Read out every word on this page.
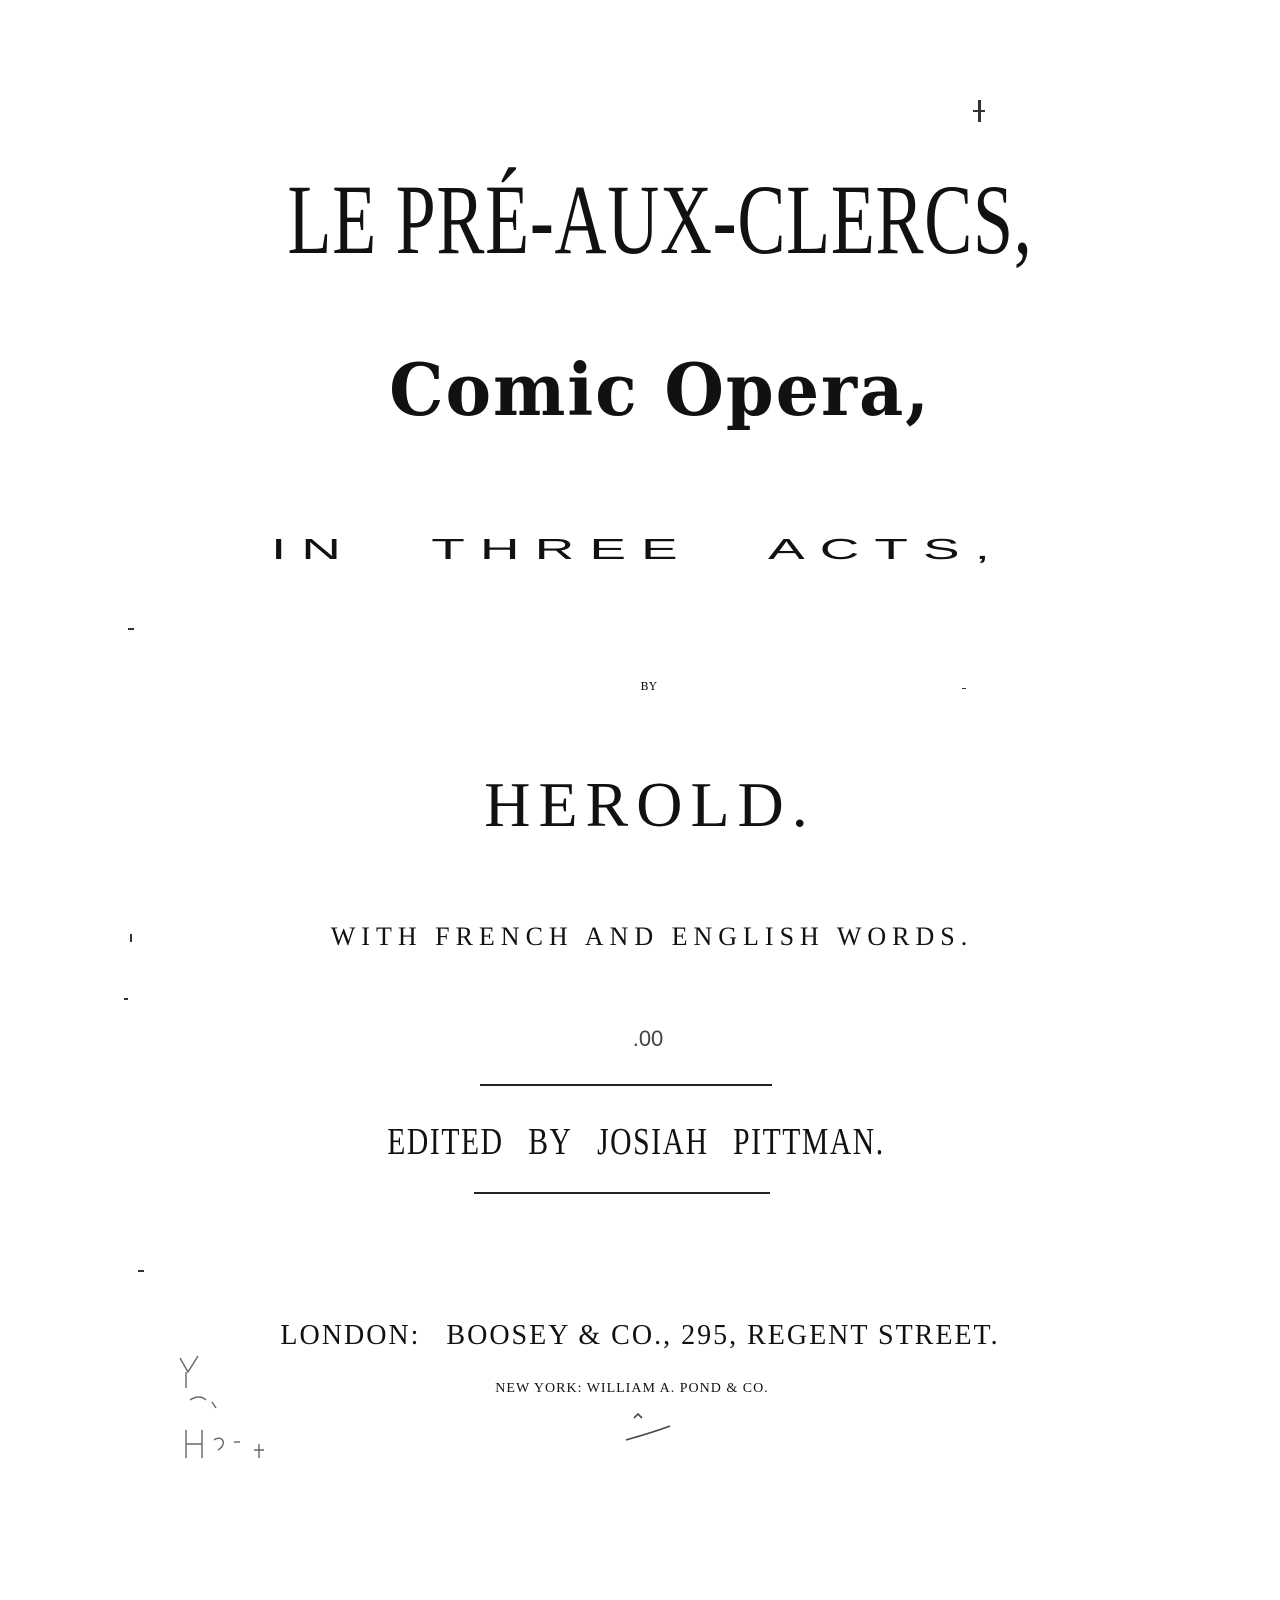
LE PRÉ-AUX-CLERCS,
Comic Opera,
IN THREE ACTS,
BY
HEROLD.
WITH FRENCH AND ENGLISH WORDS.
.00
EDITED BY JOSIAH PITTMAN.
LONDON: BOOSEY & CO., 295, REGENT STREET.
NEW YORK: WILLIAM A. POND & CO.
